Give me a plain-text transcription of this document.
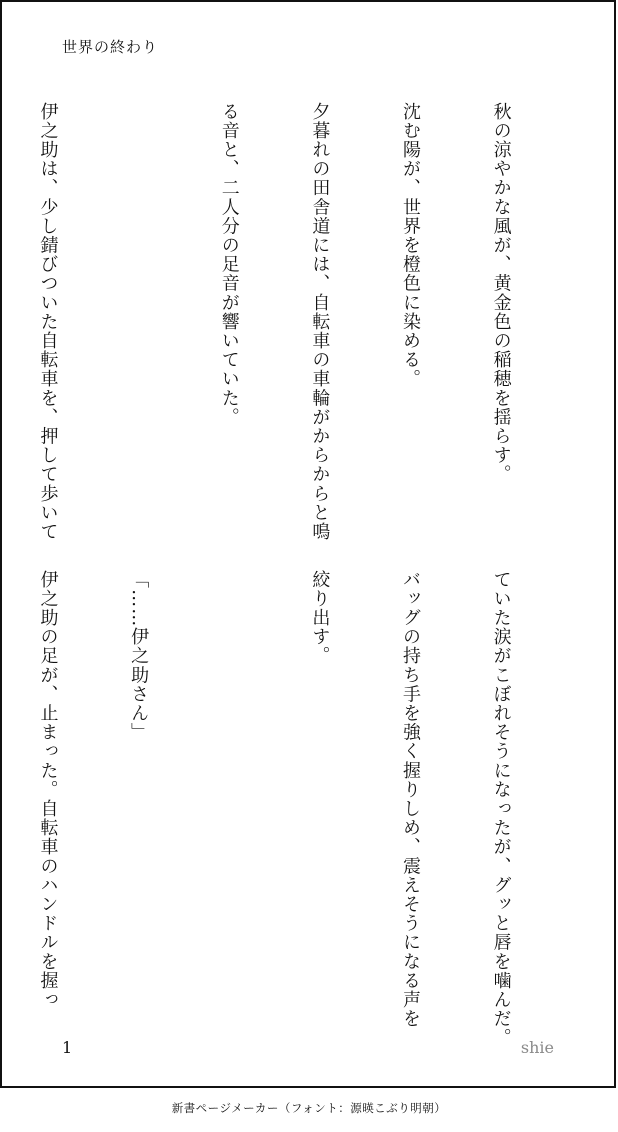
世界の終わり

秋の涼やかな風が、黄金色の稲穂を揺らす。

沈む陽が、世界を橙色に染める。

夕暮れの田舎道には、自転車の車輪がからからと鳴

る音と、二人分の足音が響いていた。

伊之助は、少し錆びついた自転車を、押して歩いて

ていた涙がこぼれそうになったが、グッと唇を噛んだ。

バッグの持ち手を強く握りしめ、震えそうになる声を

絞り出す。

「……伊之助さん」

伊之助の足が、止まった。自転車のハンドルを握っ

1	shie
新書ページメーカー（フォント：源暎こぶり明朝）
